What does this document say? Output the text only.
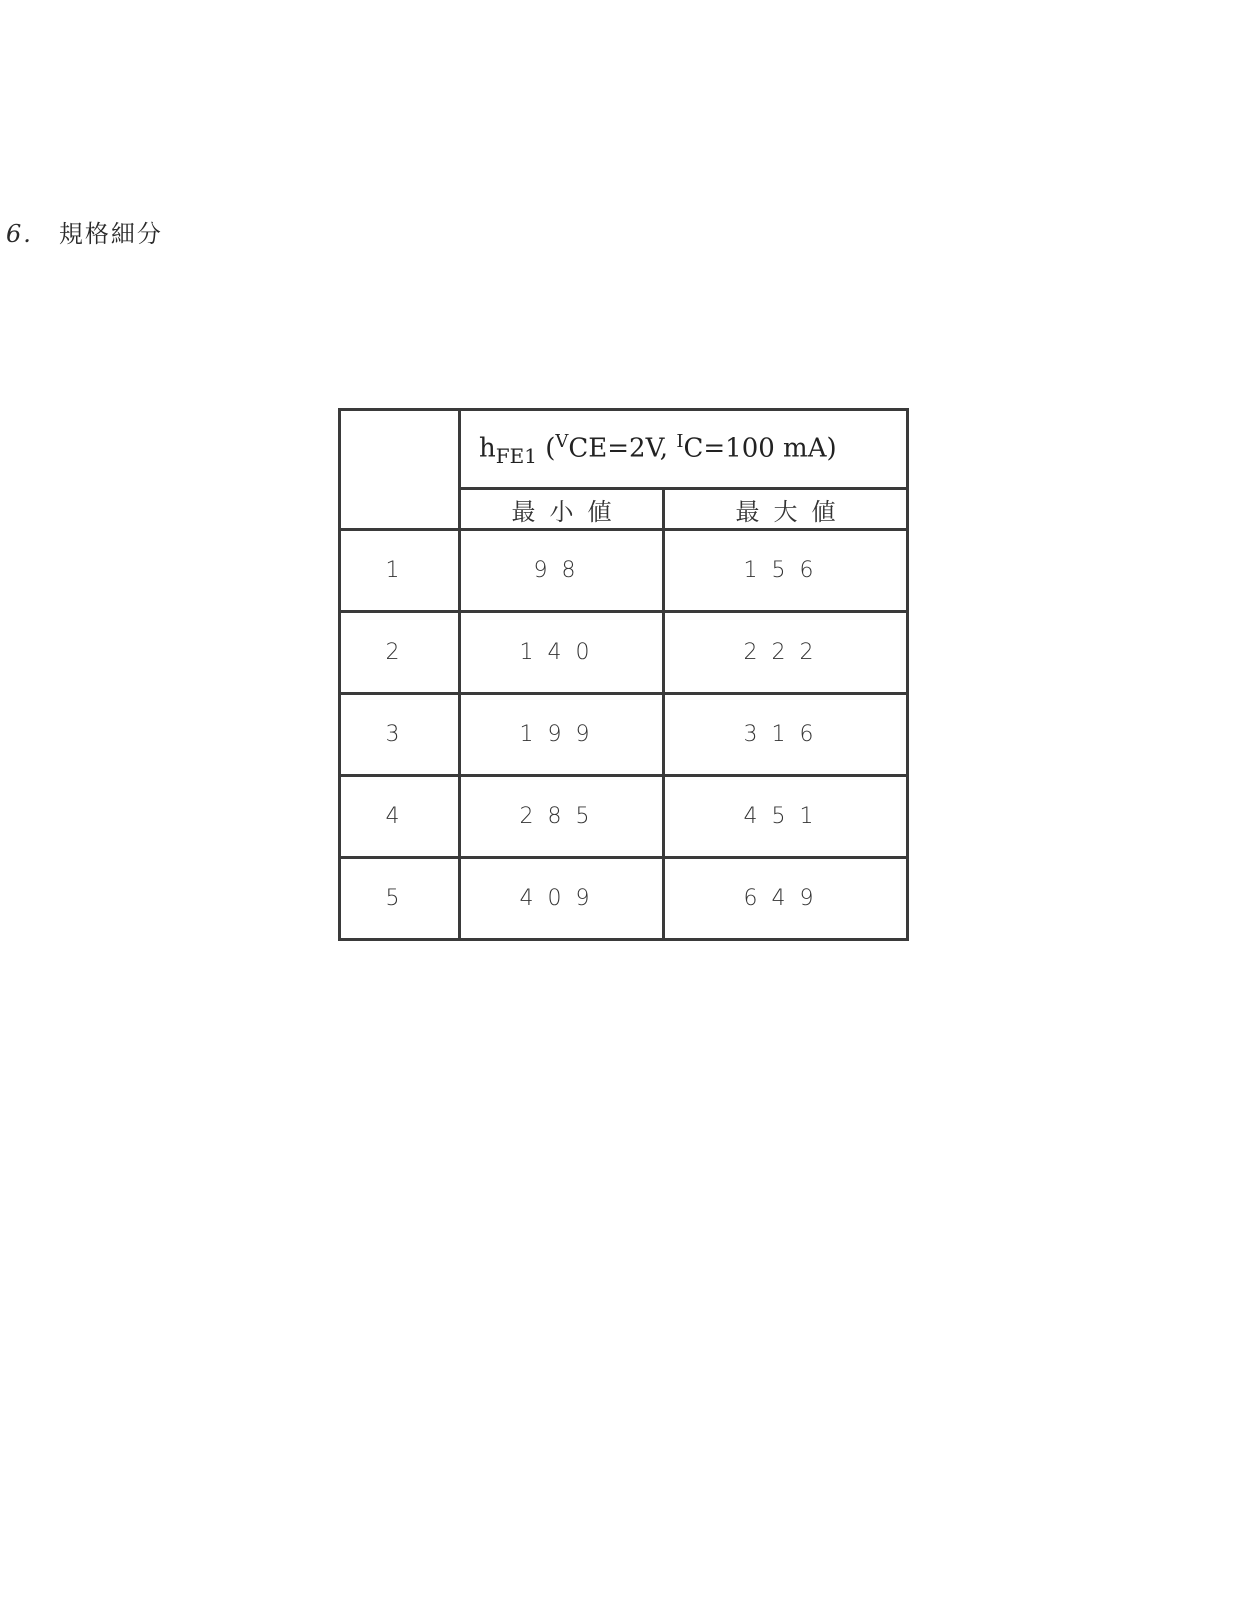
6. 規格細分
	$h_{FE1}$ ($^V$CE=2V, $^I$C=100 mA)	
	最小値	最大値
1	98	156
2	140	222
3	199	316
4	285	451
5	409	649
